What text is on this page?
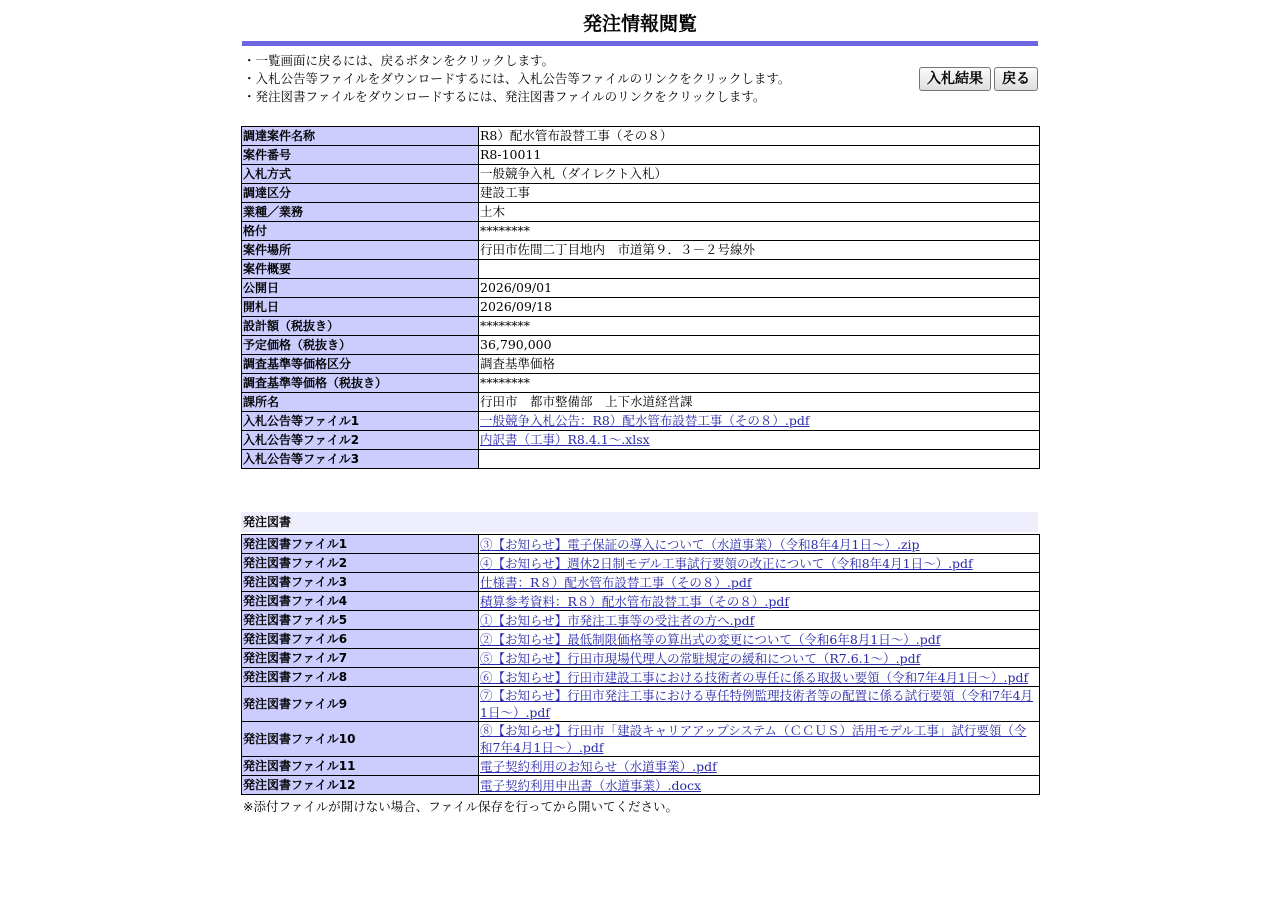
発注情報閲覧
・一覧画面に戻るには、戻るボタンをクリックします。
・入札公告等ファイルをダウンロードするには、入札公告等ファイルのリンクをクリックします。
・発注図書ファイルをダウンロードするには、発注図書ファイルのリンクをクリックします。
入札結果	戻る
調達案件名称	R8）配水管布設替工事（その８）
案件番号	R8-10011
入札方式	一般競争入札（ダイレクト入札）
調達区分	建設工事
業種／業務	土木
格付	********
案件場所	行田市佐間二丁目地内　市道第９．３－２号線外
案件概要	
公開日	2026/09/01
開札日	2026/09/18
設計額（税抜き）	********
予定価格（税抜き）	36,790,000
調査基準等価格区分	調査基準価格
調査基準等価格（税抜き）	********
課所名	行田市　都市整備部　上下水道経営課
入札公告等ファイル1	一般競争入札公告：R8）配水管布設替工事（その８）.pdf
入札公告等ファイル2	内訳書（工事）R8.4.1～.xlsx
入札公告等ファイル3	
発注図書
発注図書ファイル1	③【お知らせ】電子保証の導入について（水道事業）（令和8年4月1日～）.zip
発注図書ファイル2	④【お知らせ】週休2日制モデル工事試行要領の改正について（令和8年4月1日～）.pdf
発注図書ファイル3	仕様書：R８）配水管布設替工事（その８）.pdf
発注図書ファイル4	積算参考資料：R８）配水管布設替工事（その８）.pdf
発注図書ファイル5	①【お知らせ】市発注工事等の受注者の方へ.pdf
発注図書ファイル6	②【お知らせ】最低制限価格等の算出式の変更について（令和6年8月1日～）.pdf
発注図書ファイル7	⑤【お知らせ】行田市現場代理人の常駐規定の緩和について（R7.6.1～）.pdf
発注図書ファイル8	⑥【お知らせ】行田市建設工事における技術者の専任に係る取扱い要領（令和7年4月1日～）.pdf
発注図書ファイル9	⑦【お知らせ】行田市発注工事における専任特例監理技術者等の配置に係る試行要領（令和7年4月1日～）.pdf
発注図書ファイル10	⑧【お知らせ】行田市「建設キャリアアップシステム（ＣＣＵＳ）活用モデル工事」試行要領（令和7年4月1日～）.pdf
発注図書ファイル11	電子契約利用のお知らせ（水道事業）.pdf
発注図書ファイル12	電子契約利用申出書（水道事業）.docx
※添付ファイルが開けない場合、ファイル保存を行ってから開いてください。
